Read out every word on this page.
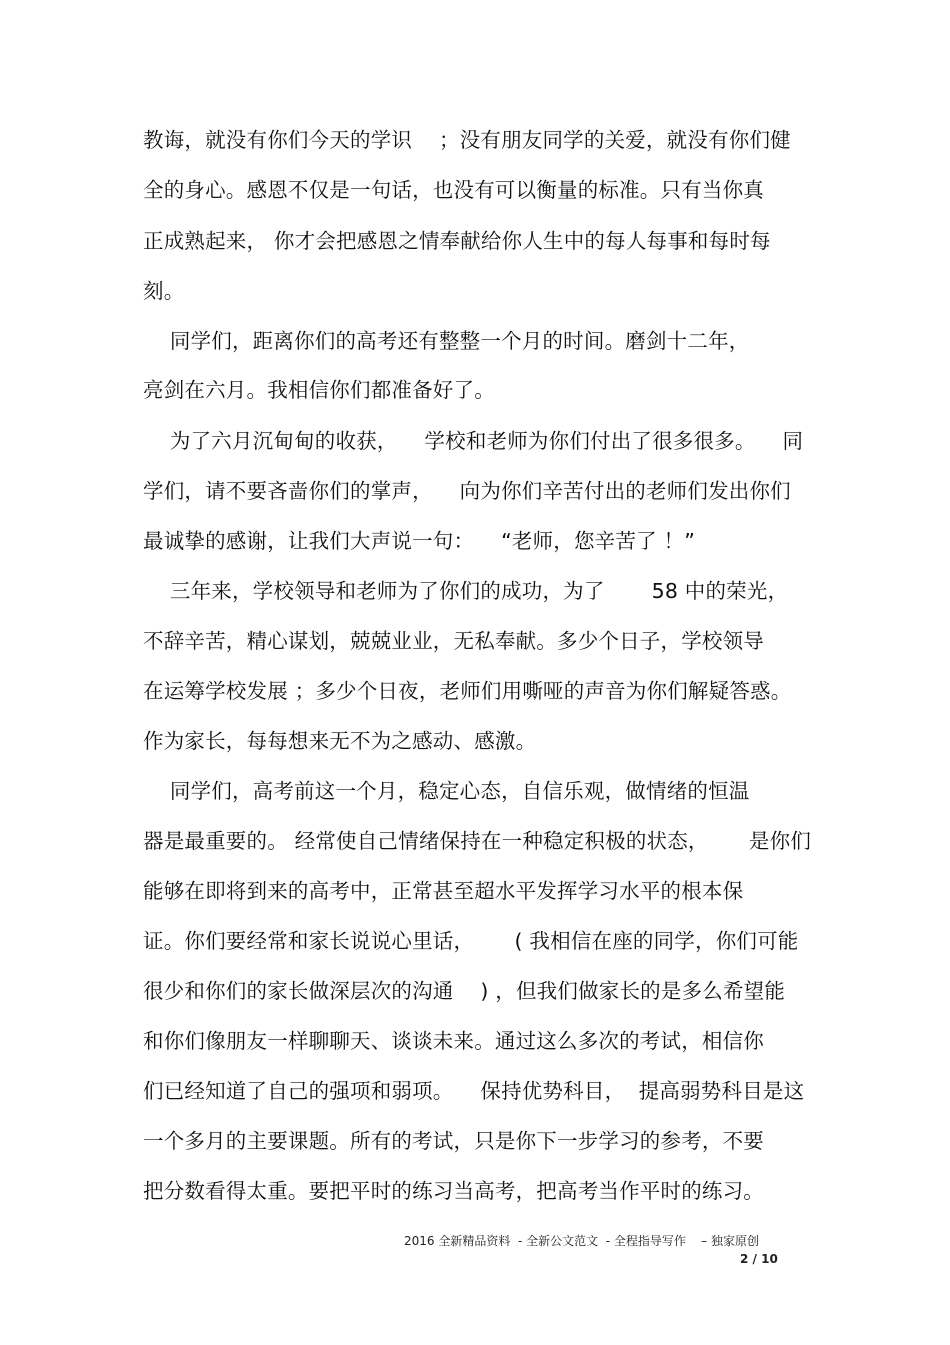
教诲，就没有你们今天的学识    ；没有朋友同学的关爱，就没有你们健
全的身心。感恩不仅是一句话，也没有可以衡量的标准。只有当你真
正成熟起来， 你才会把感恩之情奉献给你人生中的每人每事和每时每
刻。
同学们，距离你们的高考还有整整一个月的时间。磨剑十二年，
亮剑在六月。我相信你们都准备好了。
为了六月沉甸甸的收获，    学校和老师为你们付出了很多很多。    同
学们，请不要吝啬你们的掌声，    向为你们辛苦付出的老师们发出你们
最诚挚的感谢，让我们大声说一句：    “老师，您辛苦了 ！”
三年来，学校领导和老师为了你们的成功，为了       58 中的荣光，
不辞辛苦，精心谋划，兢兢业业，无私奉献。多少个日子，学校领导
在运筹学校发展 ；多少个日夜，老师们用嘶哑的声音为你们解疑答惑。
作为家长，每每想来无不为之感动、感激。
同学们，高考前这一个月，稳定心态，自信乐观，做情绪的恒温
器是最重要的。 经常使自己情绪保持在一种稳定积极的状态，      是你们
能够在即将到来的高考中，正常甚至超水平发挥学习水平的根本保
证。你们要经常和家长说说心里话，      ( 我相信在座的同学，你们可能
很少和你们的家长做深层次的沟通    ) ，但我们做家长的是多么希望能
和你们像朋友一样聊聊天、谈谈未来。通过这么多次的考试，相信你
们已经知道了自己的强项和弱项。    保持优势科目，  提高弱势科目是这
一个多月的主要课题。所有的考试，只是你下一步学习的参考，不要
把分数看得太重。要把平时的练习当高考，把高考当作平时的练习。
2016 全新精品资料  - 全新公文范文  - 全程指导写作    – 独家原创
2 / 10
